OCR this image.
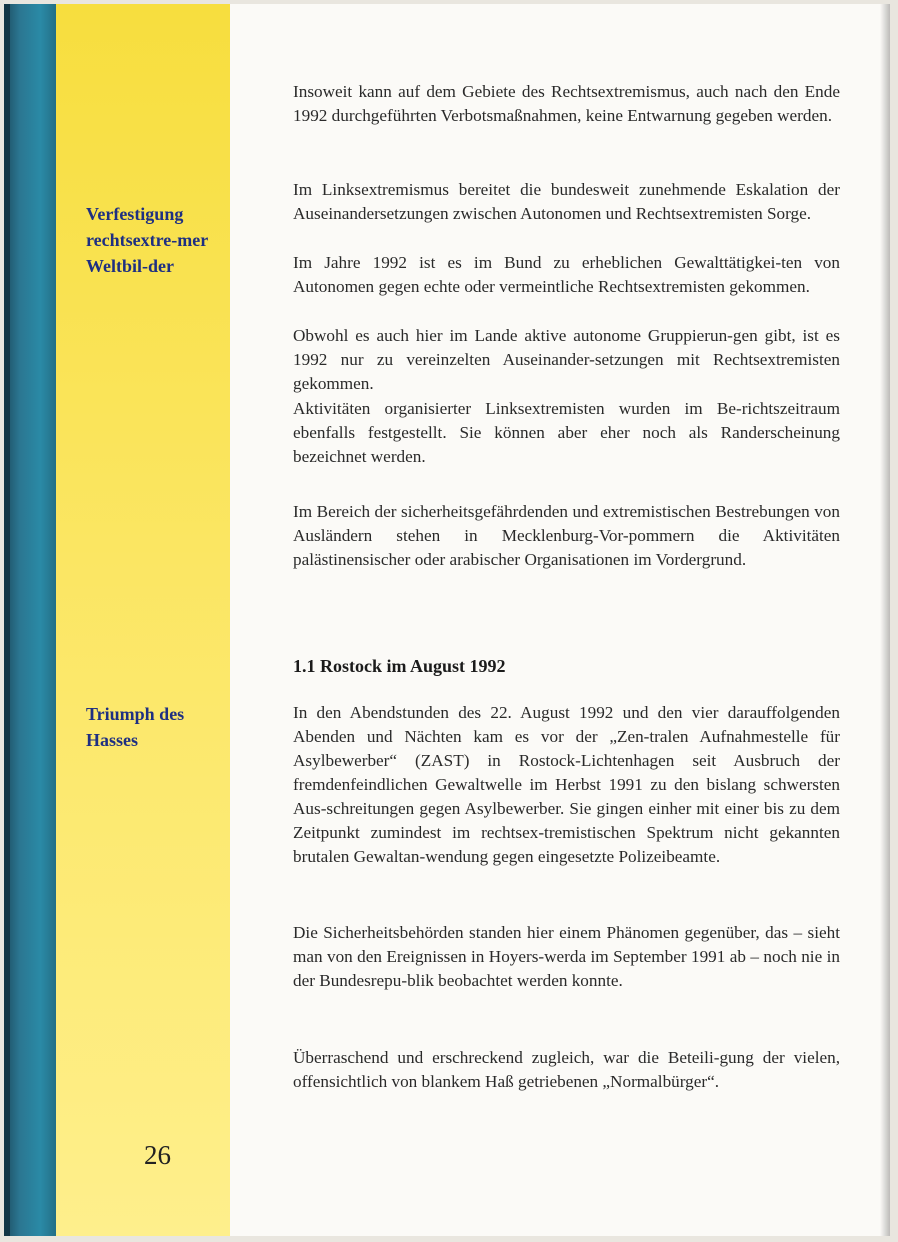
Verfestigung rechtsextre-mer Weltbil-der

Triumph des Hasses

26

Insoweit kann auf dem Gebiete des Rechtsextremismus, auch nach den Ende 1992 durchgeführten Verbotsmaßnahmen, keine Entwarnung gegeben werden.

Im Linksextremismus bereitet die bundesweit zunehmende Eskalation der Auseinandersetzungen zwischen Autonomen und Rechtsextremisten Sorge.

Im Jahre 1992 ist es im Bund zu erheblichen Gewalttätigkei-ten von Autonomen gegen echte oder vermeintliche Rechtsextremisten gekommen.

Obwohl es auch hier im Lande aktive autonome Gruppierun-gen gibt, ist es 1992 nur zu vereinzelten Auseinander-setzungen mit Rechtsextremisten gekommen.

Aktivitäten organisierter Linksextremisten wurden im Be-richtszeitraum ebenfalls festgestellt. Sie können aber eher noch als Randerscheinung bezeichnet werden.

Im Bereich der sicherheitsgefährdenden und extremistischen Bestrebungen von Ausländern stehen in Mecklenburg-Vor-pommern die Aktivitäten palästinensischer oder arabischer Organisationen im Vordergrund.

1.1 Rostock im August 1992

In den Abendstunden des 22. August 1992 und den vier darauffolgenden Abenden und Nächten kam es vor der „Zen-tralen Aufnahmestelle für Asylbewerber“ (ZAST) in Rostock-Lichtenhagen seit Ausbruch der fremdenfeindlichen Gewaltwelle im Herbst 1991 zu den bislang schwersten Aus-schreitungen gegen Asylbewerber. Sie gingen einher mit einer bis zu dem Zeitpunkt zumindest im rechtsex-tremistischen Spektrum nicht gekannten brutalen Gewaltan-wendung gegen eingesetzte Polizeibeamte.

Die Sicherheitsbehörden standen hier einem Phänomen gegenüber, das – sieht man von den Ereignissen in Hoyers-werda im September 1991 ab – noch nie in der Bundesrepu-blik beobachtet werden konnte.

Überraschend und erschreckend zugleich, war die Beteili-gung der vielen, offensichtlich von blankem Haß getriebenen „Normalbürger“.
